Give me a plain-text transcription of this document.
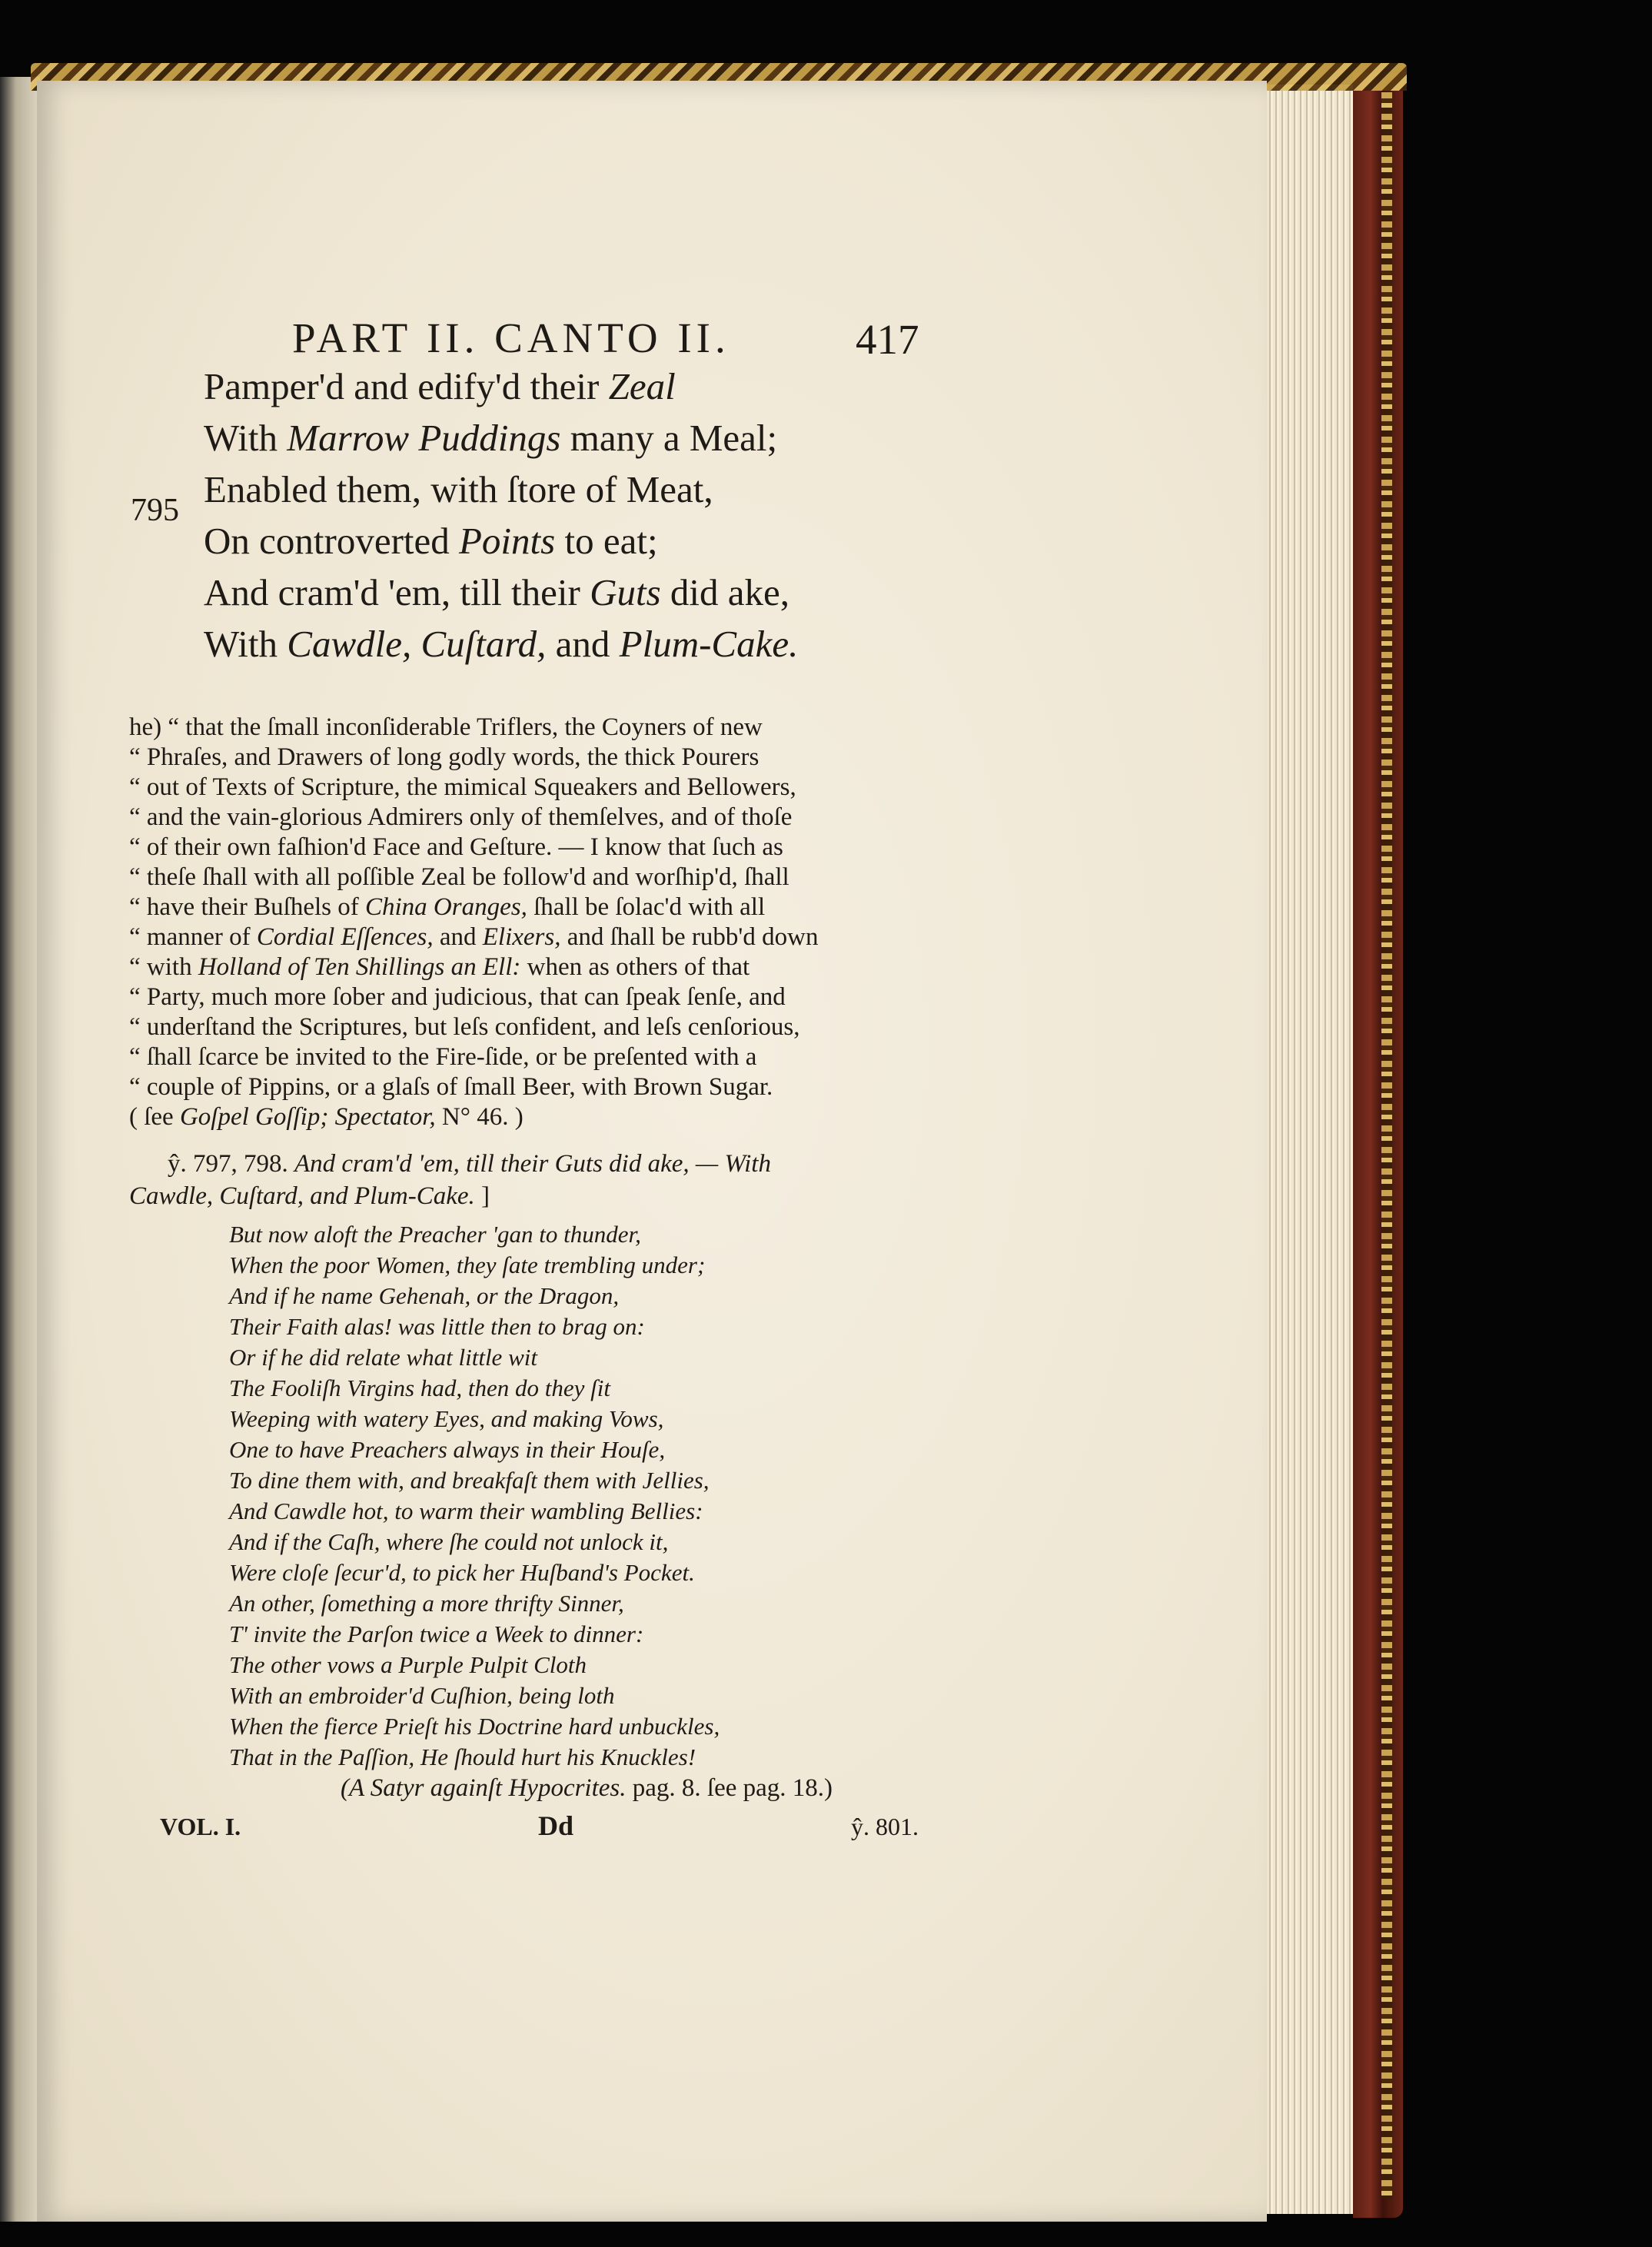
PART II. CANTO II.	417
795
Pamper'd and edify'd their Zeal
With Marrow Puddings many a Meal;
Enabled them, with ſtore of Meat,
On controverted Points to eat;
And cram'd 'em, till their Guts did ake,
With Cawdle, Cuſtard, and Plum-Cake.
he) “ that the ſmall inconſiderable Triflers, the Coyners of new
“ Phraſes, and Drawers of long godly words, the thick Pourers
“ out of Texts of Scripture, the mimical Squeakers and Bellowers,
“ and the vain-glorious Admirers only of themſelves, and of thoſe
“ of their own faſhion'd Face and Geſture. — I know that ſuch as
“ theſe ſhall with all poſſible Zeal be follow'd and worſhip'd, ſhall
“ have their Buſhels of China Oranges, ſhall be ſolac'd with all
“ manner of Cordial Eſſences, and Elixers, and ſhall be rubb'd down
“ with Holland of Ten Shillings an Ell: when as others of that
“ Party, much more ſober and judicious, that can ſpeak ſenſe, and
“ underſtand the Scriptures, but leſs confident, and leſs cenſorious,
“ ſhall ſcarce be invited to the Fire-ſide, or be preſented with a
“ couple of Pippins, or a glaſs of ſmall Beer, with Brown Sugar.
( ſee Goſpel Goſſip; Spectator, N° 46. )
ŷ. 797, 798. And cram'd 'em, till their Guts did ake, — With
Cawdle, Cuſtard, and Plum-Cake. ]
But now aloft the Preacher 'gan to thunder,
When the poor Women, they ſate trembling under;
And if he name Gehenah, or the Dragon,
Their Faith alas! was little then to brag on:
Or if he did relate what little wit
The Fooliſh Virgins had, then do they ſit
Weeping with watery Eyes, and making Vows,
One to have Preachers always in their Houſe,
To dine them with, and breakfaſt them with Jellies,
And Cawdle hot, to warm their wambling Bellies:
And if the Caſh, where ſhe could not unlock it,
Were cloſe ſecur'd, to pick her Huſband's Pocket.
An other, ſomething a more thrifty Sinner,
T' invite the Parſon twice a Week to dinner:
The other vows a Purple Pulpit Cloth
With an embroider'd Cuſhion, being loth
When the fierce Prieſt his Doctrine hard unbuckles,
That in the Paſſion, He ſhould hurt his Knuckles!
(A Satyr againſt Hypocrites. pag. 8. ſee pag. 18.)
VOL. I.	Dd	ŷ. 801.
